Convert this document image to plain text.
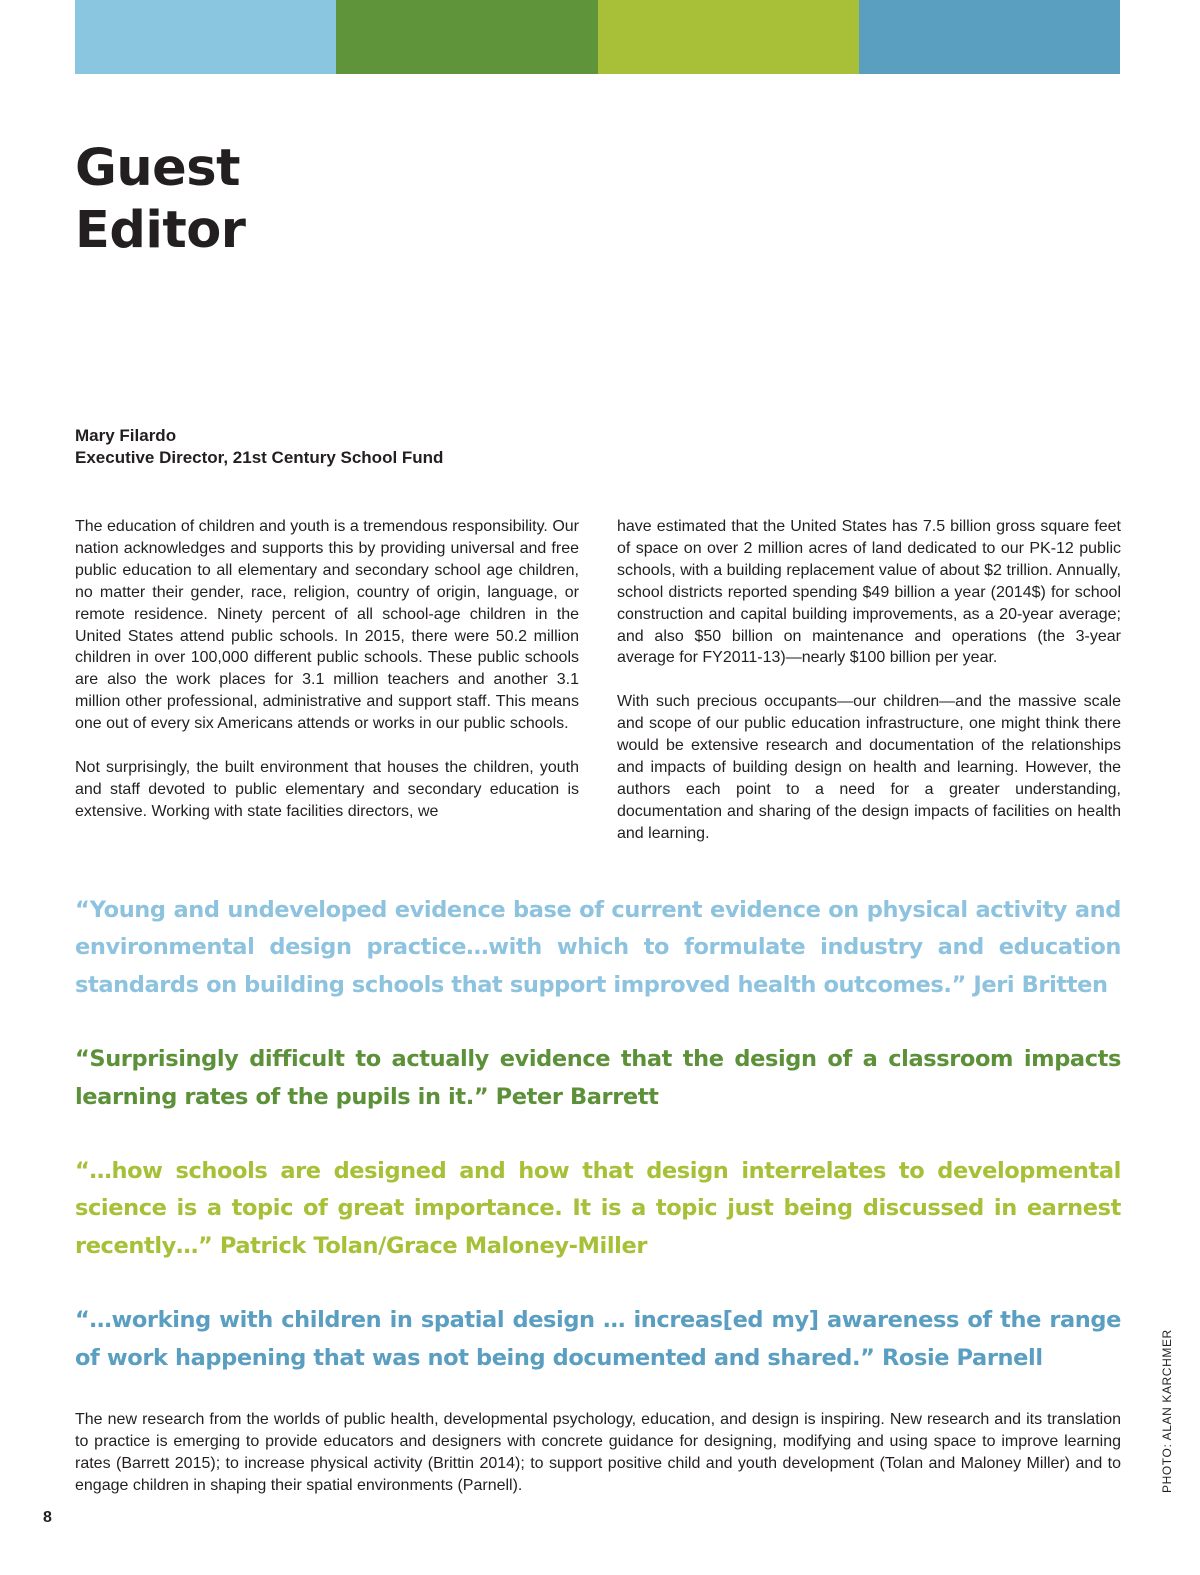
Guest
Editor
Mary Filardo
Executive Director, 21st Century School Fund

The education of children and youth is a tremendous responsibility. Our nation acknowledges and supports this by providing universal and free public education to all elementary and secondary school age children, no matter their gender, race, religion, country of origin, language, or remote residence. Ninety percent of all school-age children in the United States attend public schools. In 2015, there were 50.2 million children in over 100,000 different public schools. These public schools are also the work places for 3.1 million teachers and another 3.1 million other professional, administrative and support staff. This means one out of every six Americans attends or works in our public schools.

Not surprisingly, the built environment that houses the children, youth and staff devoted to public elementary and secondary education is extensive. Working with state facilities directors, we

have estimated that the United States has 7.5 billion gross square feet of space on over 2 million acres of land dedicated to our PK-12 public schools, with a building replacement value of about $2 trillion. Annually, school districts reported spending $49 billion a year (2014$) for school construction and capital building improvements, as a 20-year average; and also $50 billion on maintenance and operations (the 3-year average for FY2011-13)—nearly $100 billion per year.

With such precious occupants—our children—and the massive scale and scope of our public education infrastructure, one might think there would be extensive research and documentation of the relationships and impacts of building design on health and learning. However, the authors each point to a need for a greater understanding, documentation and sharing of the design impacts of facilities on health and learning.

“Young and undeveloped evidence base of current evidence on physical activity and environmental design practice…with which to formulate industry and education standards on building schools that support improved health outcomes.” Jeri Britten

“Surprisingly difficult to actually evidence that the design of a classroom impacts learning rates of the pupils in it.” Peter Barrett

“…how schools are designed and how that design interrelates to developmental science is a topic of great importance. It is a topic just being discussed in earnest recently…” Patrick Tolan/Grace Maloney-Miller

“…working with children in spatial design … increas[ed my] awareness of the range of work happening that was not being documented and shared.” Rosie Parnell

The new research from the worlds of public health, developmental psychology, education, and design is inspiring. New research and its translation to practice is emerging to provide educators and designers with concrete guidance for designing, modifying and using space to improve learning rates (Barrett 2015); to increase physical activity (Brittin 2014); to support positive child and youth development (Tolan and Maloney Miller) and to engage children in shaping their spatial environments (Parnell).

8
PHOTO: ALAN KARCHMER
